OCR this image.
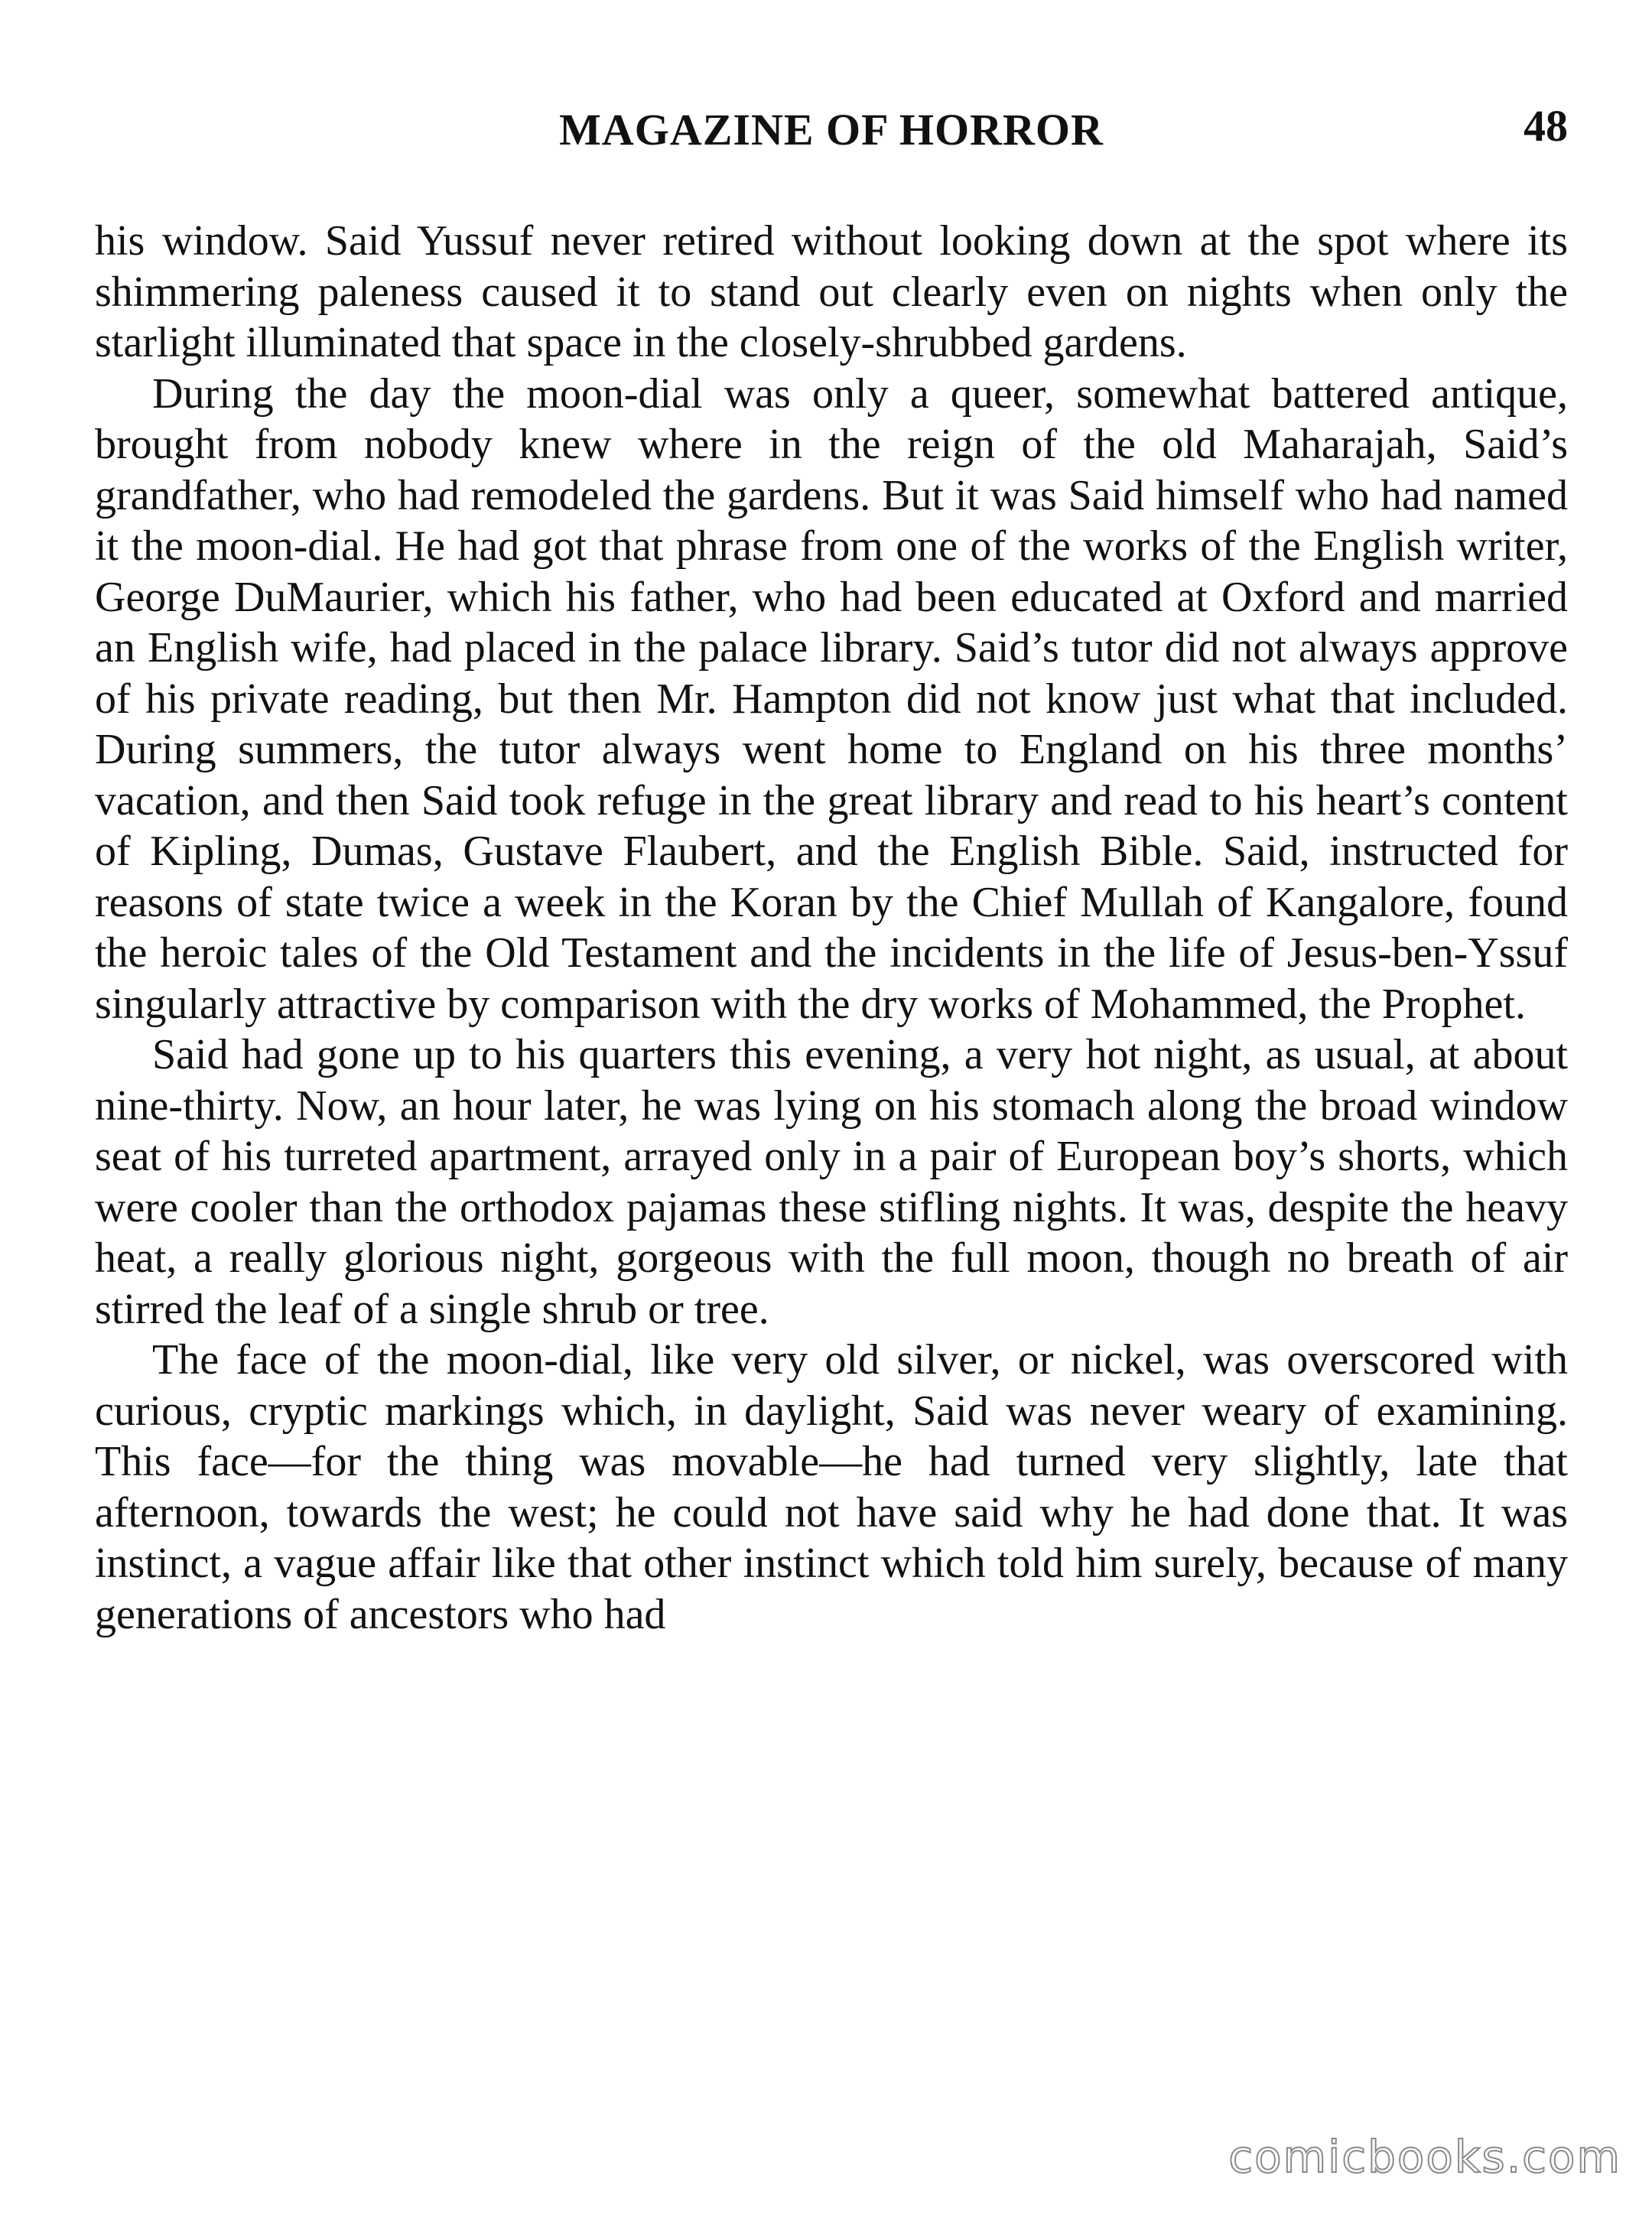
MAGAZINE OF HORROR	48

his window. Said Yussuf never retired without looking down at the spot where its shimmering paleness caused it to stand out clearly even on nights when only the starlight illuminated that space in the closely-shrubbed gardens.

During the day the moon-dial was only a queer, somewhat battered antique, brought from nobody knew where in the reign of the old Maharajah, Said’s grandfather, who had remodeled the gardens. But it was Said himself who had named it the moon-dial. He had got that phrase from one of the works of the English writer, George DuMaurier, which his father, who had been educated at Oxford and married an English wife, had placed in the palace library. Said’s tutor did not always approve of his private reading, but then Mr. Hampton did not know just what that included. During summers, the tutor always went home to England on his three months’ vacation, and then Said took refuge in the great library and read to his heart’s content of Kipling, Dumas, Gustave Flaubert, and the English Bible. Said, instructed for reasons of state twice a week in the Koran by the Chief Mullah of Kangalore, found the heroic tales of the Old Testament and the incidents in the life of Jesus-ben-Yssuf singularly attractive by comparison with the dry works of Mohammed, the Prophet.

Said had gone up to his quarters this evening, a very hot night, as usual, at about nine-thirty. Now, an hour later, he was lying on his stomach along the broad window seat of his turreted apartment, arrayed only in a pair of European boy’s shorts, which were cooler than the orthodox pajamas these stifling nights. It was, despite the heavy heat, a really glorious night, gorgeous with the full moon, though no breath of air stirred the leaf of a single shrub or tree.

The face of the moon-dial, like very old silver, or nickel, was overscored with curious, cryptic markings which, in daylight, Said was never weary of examining. This face—for the thing was movable—he had turned very slightly, late that afternoon, towards the west; he could not have said why he had done that. It was instinct, a vague affair like that other instinct which told him surely, because of many generations of ancestors who had

comicbooks.com
